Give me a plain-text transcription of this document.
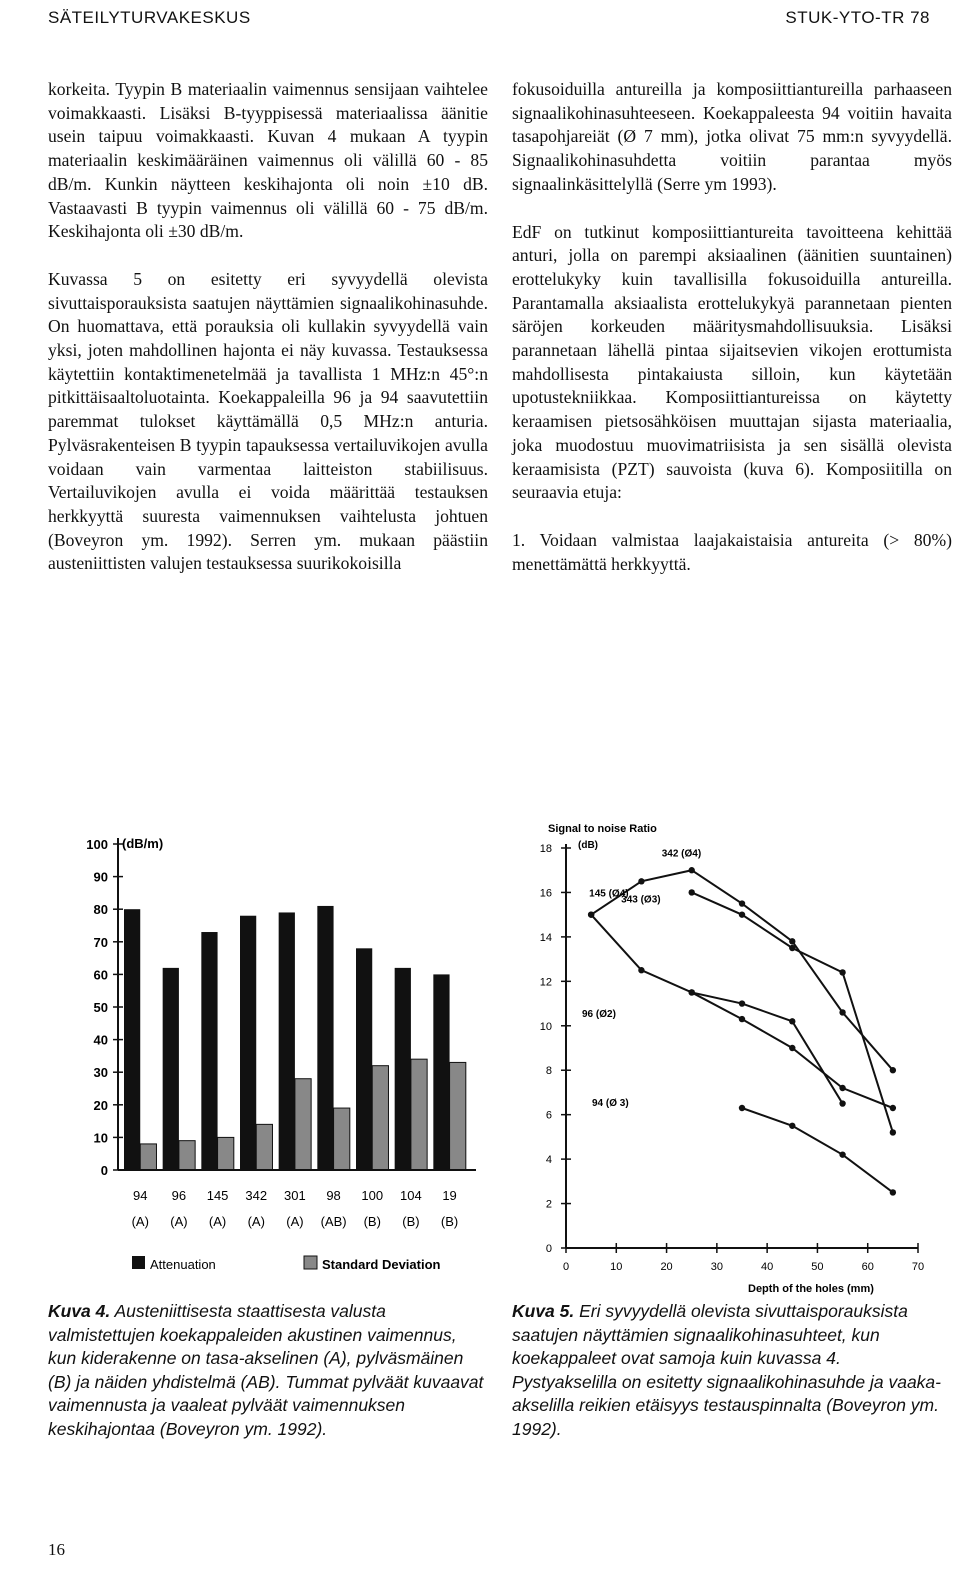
SÄTEILYTURVAKESKUS	STUK-YTO-TR 78

korkeita. Tyypin B materiaalin vaimennus sensijaan vaihtelee voimakkaasti. Lisäksi B-tyyppisessä materiaalissa äänitie usein taipuu voimakkaasti. Kuvan 4 mukaan A tyypin materiaalin keskimääräinen vaimennus oli välillä 60 - 85 dB/m. Kunkin näytteen keskihajonta oli noin ±10 dB. Vastaavasti B tyypin vaimennus oli välillä 60 - 75 dB/m. Keskihajonta oli ±30 dB/m.

Kuvassa 5 on esitetty eri syvyydellä olevista sivuttaisporauksista saatujen näyttämien signaalikohinasuhde. On huomattava, että porauksia oli kullakin syvyydellä vain yksi, joten mahdollinen hajonta ei näy kuvassa. Testauksessa käytettiin kontaktimenetelmää ja tavallista 1 MHz:n 45°:n pitkittäisaaltoluotainta. Koekappaleilla 96 ja 94 saavutettiin paremmat tulokset käyttämällä 0,5 MHz:n anturia. Pylväsrakenteisen B tyypin tapauksessa vertailuvikojen avulla voidaan vain varmentaa laitteiston stabiilisuus. Vertailuvikojen avulla ei voida määrittää testauksen herkkyyttä suuresta vaimennuksen vaihtelusta johtuen (Boveyron ym. 1992). Serren ym. mukaan päästiin austeniittisten valujen testauksessa suurikokoisilla

fokusoiduilla antureilla ja komposiittiantureilla parhaaseen signaalikohinasuhteeseen. Koekappaleesta 94 voitiin havaita tasapohjareiät (Ø 7 mm), jotka olivat 75 mm:n syvyydellä. Signaalikohinasuhdetta voitiin parantaa myös signaalinkäsittelyllä (Serre ym 1993).

EdF on tutkinut komposiittiantureita tavoitteena kehittää anturi, jolla on parempi aksiaalinen (äänitien suuntainen) erottelukyky kuin tavallisilla fokusoiduilla antureilla. Parantamalla aksiaalista erottelukykyä parannetaan pienten säröjen korkeuden määritysmahdollisuuksia. Lisäksi parannetaan lähellä pintaa sijaitsevien vikojen erottumista mahdollisesta pintakaiusta silloin, kun käytetään upotustekniikkaa. Komposiittiantureissa on käytetty keraamisen pietsosähköisen muuttajan sijasta materiaalia, joka muodostuu muovimatriisista ja sen sisällä olevista keraamisista (PZT) sauvoista (kuva 6). Komposiitilla on seuraavia etuja:

1. Voidaan valmistaa laajakaistaisia antureita (> 80%) menettämättä herkkyyttä.

(dB/m)
0
10
20
30
40
50
60
70
80
90
100
94
(A)
96
(A)
145
(A)
342
(A)
301
(A)
98
(AB)
100
(B)
104
(B)
19
(B)
Attenuation	Standard Deviation
Signal to noise Ratio
(dB)
Depth of the holes (mm)
0
2
4
6
8
10
12
14
16
18
0	10	20	30	40	50	60	70
343 (Ø3)
145 (Ø4)
342 (Ø4)
96 (Ø2)
94 (Ø 3)
Kuva 4. Austeniittisesta staattisesta valusta valmistettujen koekappaleiden akustinen vaimennus, kun kiderakenne on tasa-akselinen (A), pylväsmäinen (B) ja näiden yhdistelmä (AB). Tummat pylväät kuvaavat vaimennusta ja vaaleat pylväät vaimennuksen keskihajontaa (Boveyron ym. 1992).
Kuva 5. Eri syvyydellä olevista sivuttaisporauksista saatujen näyttämien signaalikohinasuhteet, kun koekappaleet ovat samoja kuin kuvassa 4. Pystyakselilla on esitetty signaalikohinasuhde ja vaaka-akselilla reikien etäisyys testauspinnalta (Boveyron ym. 1992).
16
